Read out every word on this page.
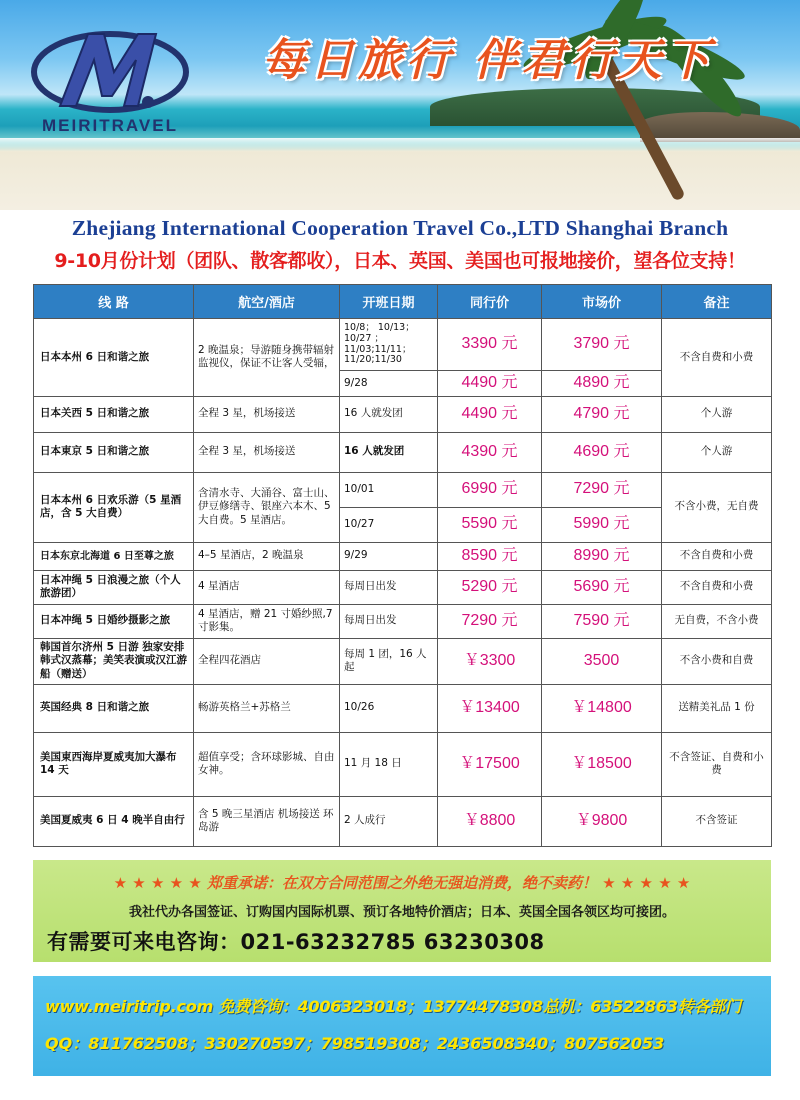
MEIRITRAVEL
每日旅行 伴君行天下
Zhejiang International Cooperation Travel Co.,LTD Shanghai Branch
9-10月份计划（团队、散客都收），日本、英国、美国也可报地接价，望各位支持！
线 路	航空/酒店	开班日期	同行价	市场价	备注
日本本州 6 日和谐之旅	2 晚温泉；导游随身携带辐射监视仪，保证不让客人受辐，	10/8； 10/13；10/27 ；11/03;11/11；11/20;11/30	3390 元	3790 元	不含自费和小费
		9/28	4490 元	4890 元	
日本关西 5 日和谐之旅	全程 3 星，机场接送	16 人就发团	4490 元	4790 元	个人游
日本東京 5 日和谐之旅	全程 3 星，机场接送	16 人就发团	4390 元	4690 元	个人游
日本本州 6 日欢乐游（5 星酒店，含 5 大自费）	含清水寺、大涌谷、富士山、伊豆修缮寺、银座六本木、5 大自费。5 星酒店。	10/01	6990 元	7290 元	不含小费，无自费
		10/27	5590 元	5990 元	
日本东京北海道 6 日至尊之旅	4–5 星酒店，2 晚温泉	9/29	8590 元	8990 元	不含自费和小费
日本冲绳 5 日浪漫之旅（个人旅游团）	4 星酒店	每周日出发	5290 元	5690 元	不含自费和小费
日本冲绳 5 日婚纱摄影之旅	4 星酒店，赠 21 寸婚纱照,7 寸影集。	每周日出发	7290 元	7590 元	无自费，不含小费
韩国首尔济州 5 日游 独家安排韩式汉蒸幕；美笑表演或汉江游船（赠送）	全程四花酒店	每周 1 团，16 人起	￥3300	3500	不含小费和自费
英国经典 8 日和谐之旅	畅游英格兰+苏格兰	10/26	￥13400	￥14800	送精美礼品 1 份
美国東西海岸夏威夷加大瀑布 14 天	超值享受；含环球影城、自由女神。	11 月 18 日	￥17500	￥18500	不含签证、自费和小费
美国夏威夷 6 日 4 晚半自由行	含 5 晚三星酒店 机场接送 环岛游	2 人成行	￥8800	￥9800	不含签证
★ ★ ★ ★ ★ 郑重承诺：在双方合同范围之外绝无强迫消费，绝不卖药！ ★ ★ ★ ★ ★
我社代办各国签证、订购国内国际机票、预订各地特价酒店；日本、英国全国各领区均可接团。
有需要可来电咨询：021-63232785 63230308
www.meiritrip.com 免费咨询：4006323018；13774478308总机：63522863转各部门
QQ：811762508；330270597；798519308；2436508340；807562053
